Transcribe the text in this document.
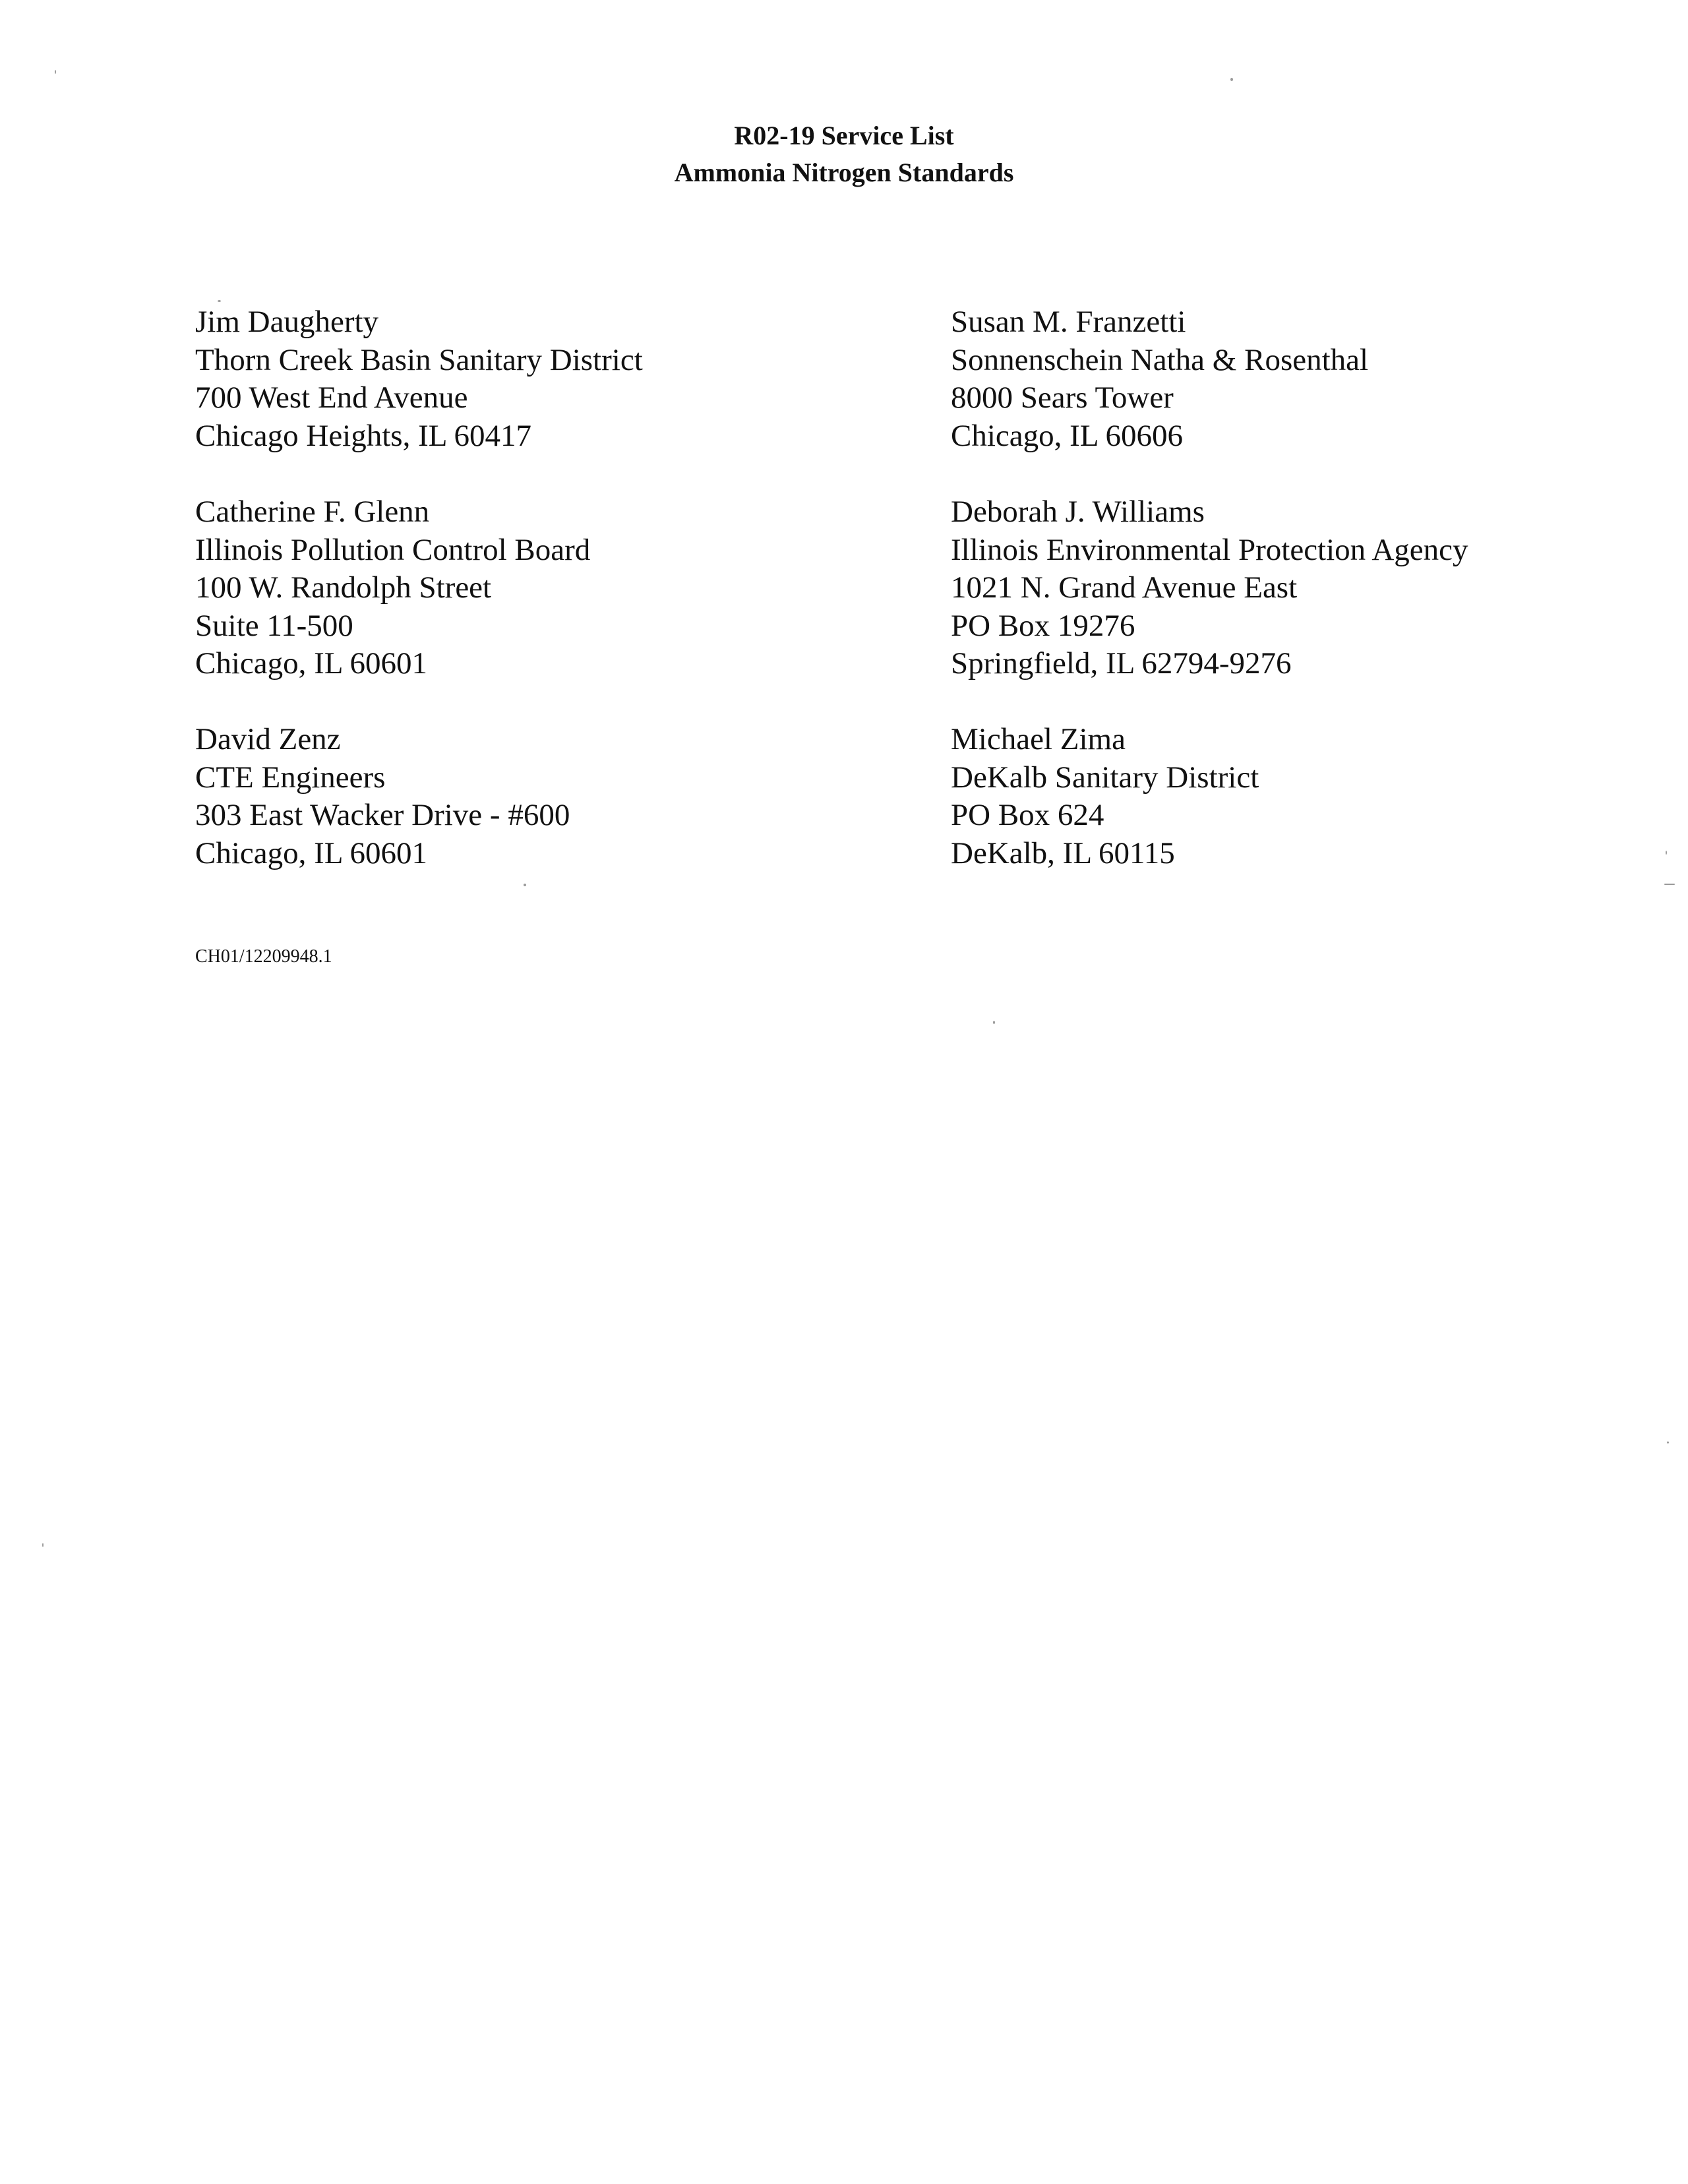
R02-19 Service List
Ammonia Nitrogen Standards
Jim Daugherty
Thorn Creek Basin Sanitary District
700 West End Avenue
Chicago Heights, IL 60417
Catherine F. Glenn
Illinois Pollution Control Board
100 W. Randolph Street
Suite 11-500
Chicago, IL 60601
David Zenz
CTE Engineers
303 East Wacker Drive - #600
Chicago, IL 60601
Susan M. Franzetti
Sonnenschein Natha & Rosenthal
8000 Sears Tower
Chicago, IL 60606
Deborah J. Williams
Illinois Environmental Protection Agency
1021 N. Grand Avenue East
PO Box 19276
Springfield, IL 62794-9276
Michael Zima
DeKalb Sanitary District
PO Box 624
DeKalb, IL 60115
CH01/12209948.1
